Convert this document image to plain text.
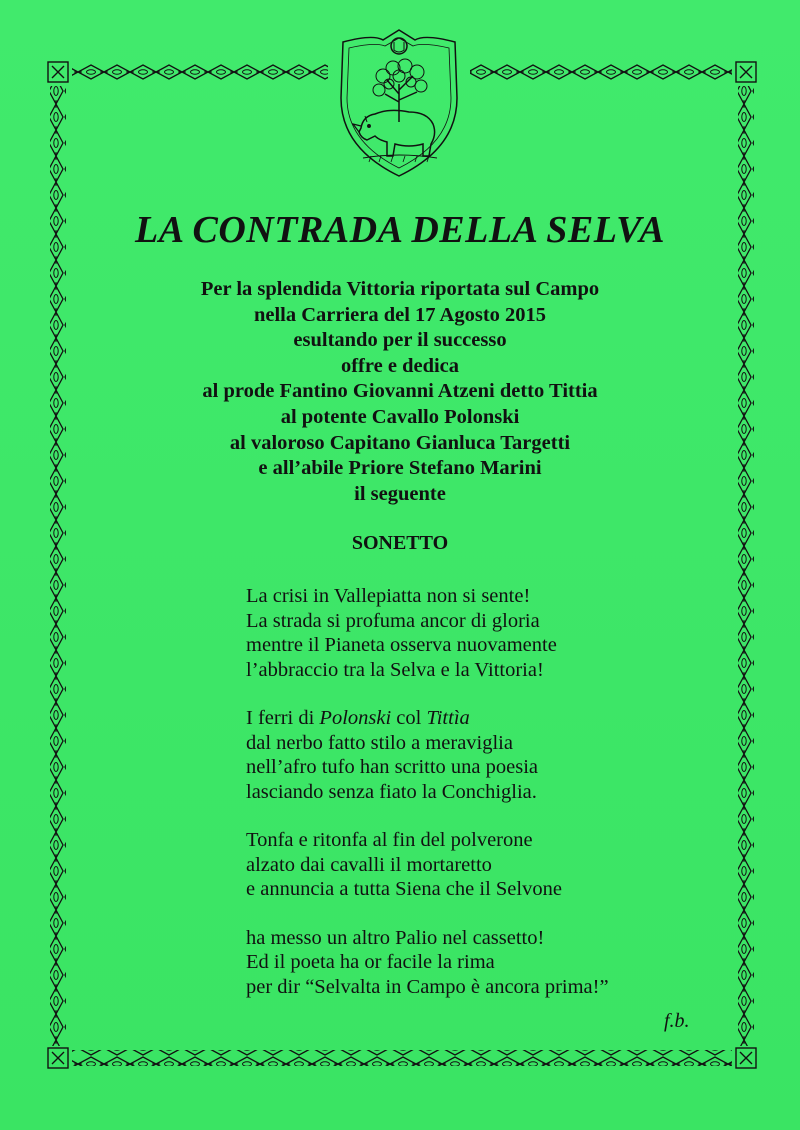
LA CONTRADA DELLA SELVA
Per la splendida Vittoria riportata sul Campo
nella Carriera del 17 Agosto 2015
esultando per il successo
offre e dedica
al prode Fantino Giovanni Atzeni detto Tittia
al potente Cavallo Polonski
al valoroso Capitano Gianluca Targetti
e all’abile Priore Stefano Marini
il seguente
SONETTO
La crisi in Vallepiatta non si sente!
La strada si profuma ancor di gloria
mentre il Pianeta osserva nuovamente
l’abbraccio tra la Selva e la Vittoria!
I ferri di Polonski col Tittìa
dal nerbo fatto stilo a meraviglia
nell’afro tufo han scritto una poesia
lasciando senza fiato la Conchiglia.
Tonfa e ritonfa al fin del polverone
alzato dai cavalli il mortaretto
e annuncia a tutta Siena che il Selvone
ha messo un altro Palio nel cassetto!
Ed il poeta ha or facile la rima
per dir “Selvalta in Campo è ancora prima!”
f.b.
